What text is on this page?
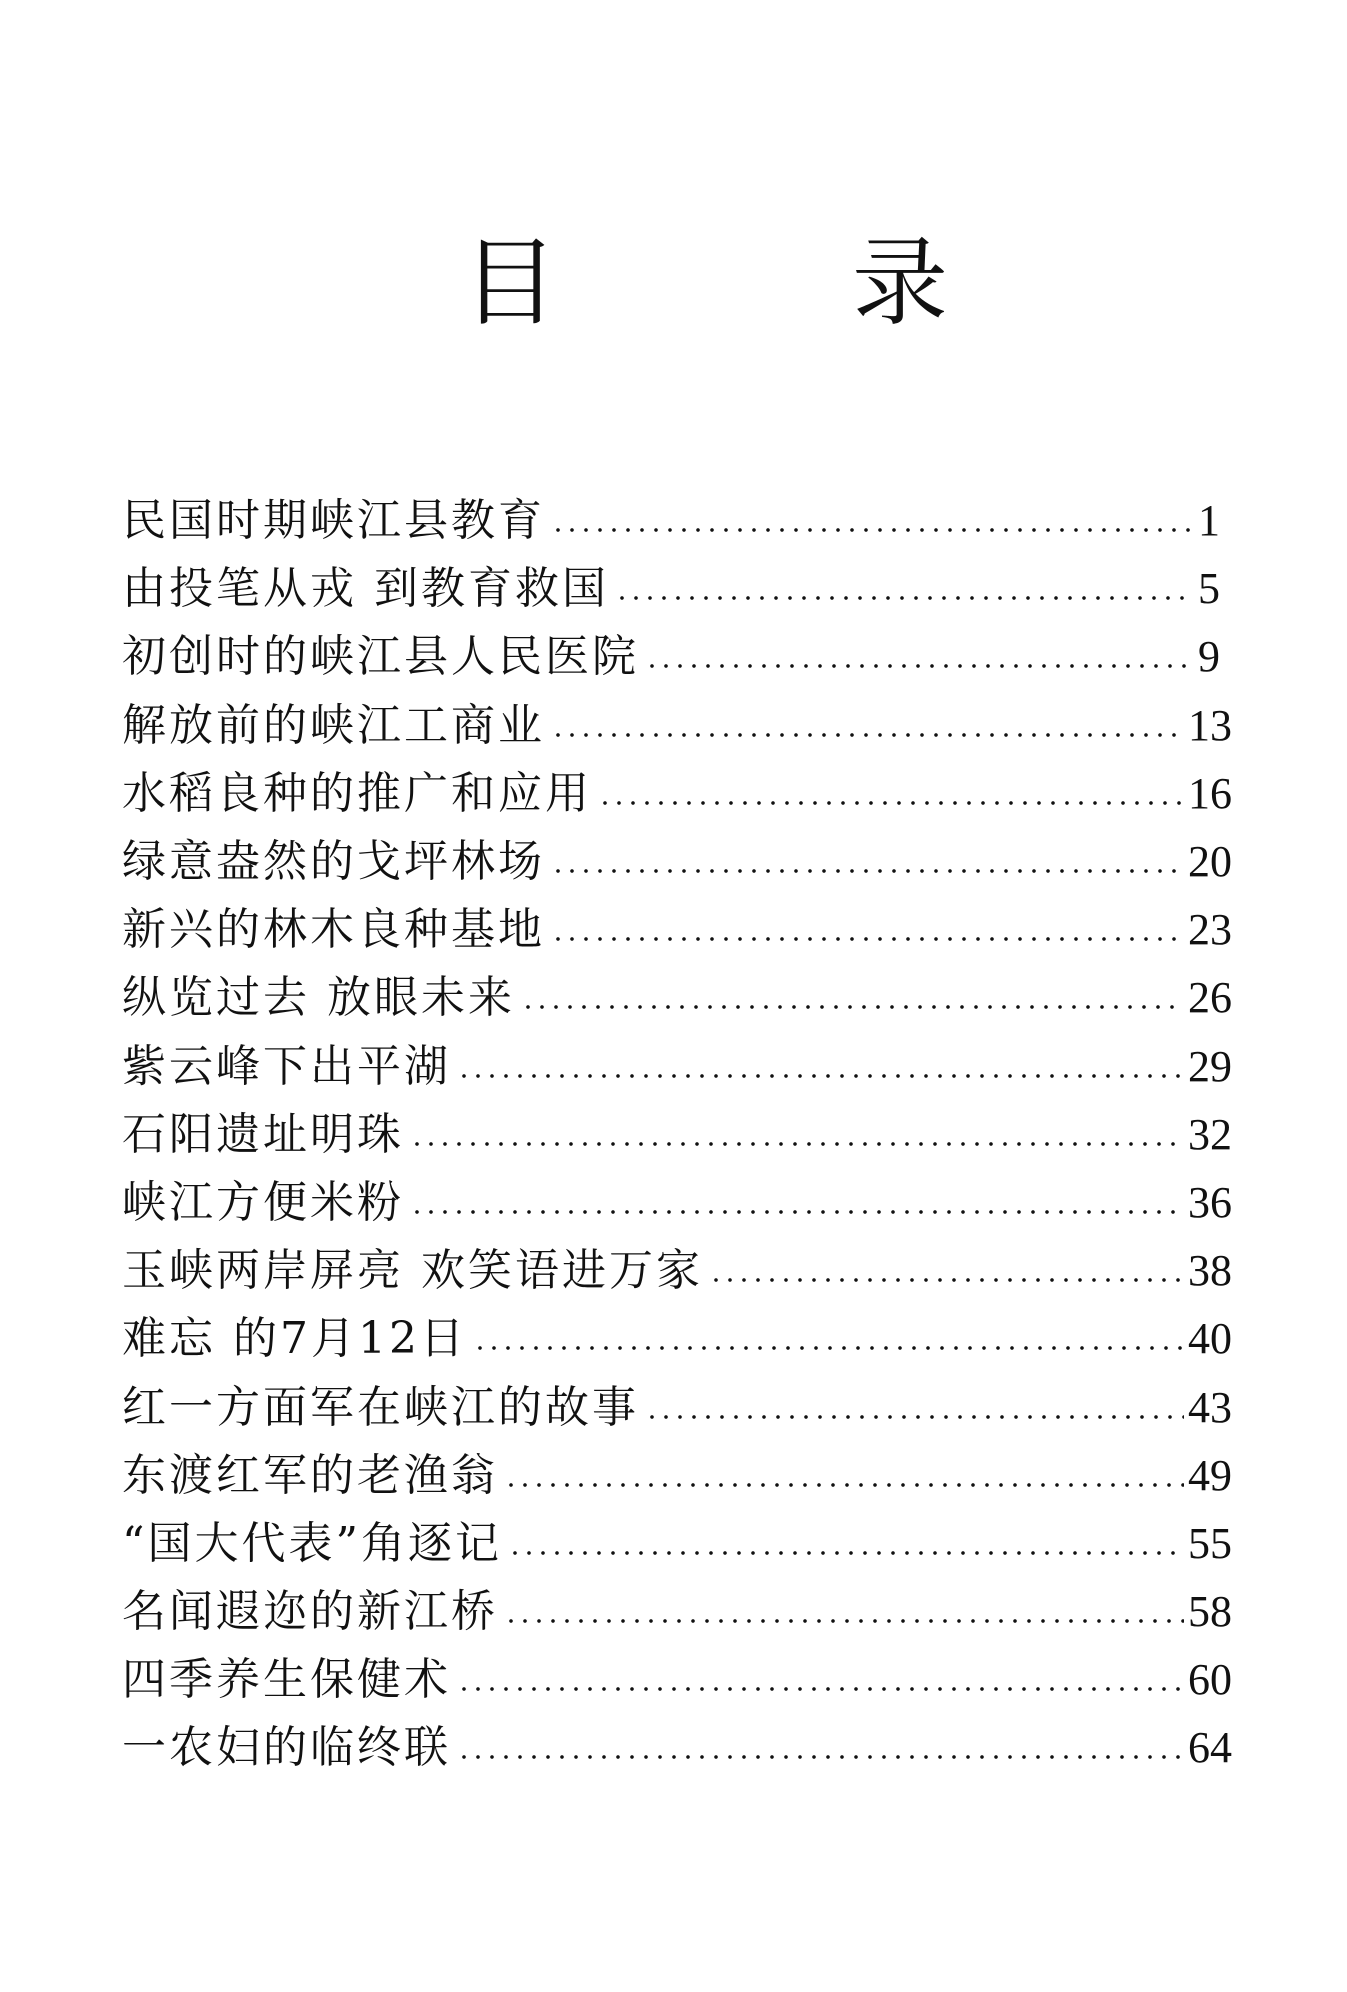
目	录
民国时期峡江县教育	1
由投笔从戎 到教育救国	5
初创时的峡江县人民医院	9
解放前的峡江工商业	13
水稻良种的推广和应用	16
绿意盎然的戈坪林场	20
新兴的林木良种基地	23
纵览过去 放眼未来	26
紫云峰下出平湖	29
石阳遗址明珠	32
峡江方便米粉	36
玉峡两岸屏亮 欢笑语进万家	38
难忘 的7月12日	40
红一方面军在峡江的故事	43
东渡红军的老渔翁	49
“国大代表”角逐记	55
名闻遐迩的新江桥	58
四季养生保健术	60
一农妇的临终联	64
